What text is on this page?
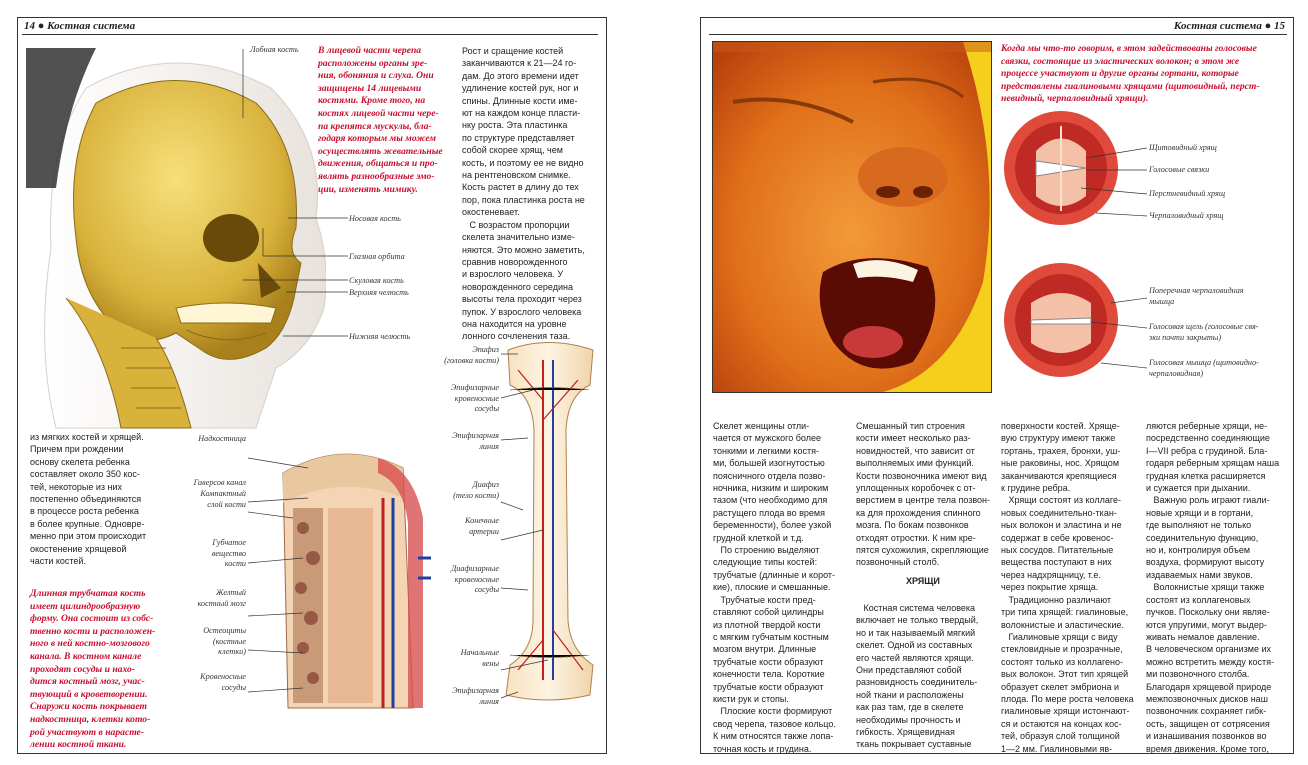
14 ● Костная система
Лобная кость
Носовая кость
Глазная орбита
Скуловая кость
Верхняя челюсть
Нижняя челюсть

В лицевой части черепа

расположены органы зре-

ния, обоняния и слуха. Они

защищены 14 лицевыми

костями. Кроме того, на

костях лицевой части чере-

па крепятся мускулы, бла-

годаря которым мы можем

осуществлять жевательные

движения, общаться и про-

являть разнообразные эмо-

ции, изменять мимику.

Рост и сращение костей

заканчиваются к 21—24 го-

дам. До этого времени идет

удлинение костей рук, ног и

спины. Длинные кости име-

ют на каждом конце пласти-

нку роста. Эта пластинка

по структуре представляет

собой скорее хрящ, чем

кость, и поэтому ее не видно

на рентгеновском снимке.

Кость растет в длину до тех

пор, пока пластинка роста не

окостеневает.

С возрастом пропорции

скелета значительно изме-

няются. Это можно заметить,

сравнив новорожденного

и взрослого человека. У

новорожденного середина

высоты тела проходит через

пупок. У взрослого человека

она находится на уровне

лонного сочленения таза.

из мягких костей и хрящей.

Причем при рождении

основу скелета ребенка

составляет около 350 кос-

тей, некоторые из них

постепенно объединяются

в процессе роста ребенка

в более крупные. Одновре-

менно при этом происходит

окостенение хрящевой

части костей.

Длинная трубчатая кость

имеет цилиндрообразную

форму. Она состоит из собс-

твенно кости и расположен-

ного в ней костно-мозгового

канала. В костном канале

проходят сосуды и нахо-

дится костный мозг, учас-

твующий в кроветворении.

Снаружи кость покрывает

надкостница, клетки кото-

рой участвуют в нарасте-

лении костной ткани.

Надкостница
Гаверсов канал
Компактный
слой кости
Губчатое
вещество
кости
Желтый
костный мозг
Остеоциты
(костные
клетки)
Кровеносные
сосуды
Эпифиз
(головка кости)
Эпифизарные
кровеносные
сосуды
Эпифизарная
линия
Диафиз
(тело кости)
Конечные
артерии
Диафизарные
кровеносные
сосуды
Начальные
вены
Эпифизарная
линия
Костная система ● 15

Когда мы что-то говорим, в этом задействованы голосовые

связки, состоящие из эластических волокон; в этом же

процессе участвуют и другие органы гортани, которые

представлены гиалиновыми хрящами (щитовидный, перст-

невидный, черпаловидный хрящи).

Щитовидный хрящ
Голосовые связки
Перстневидный хрящ
Черпаловидный хрящ
Поперечная черпаловидная
мышца
Голосовая щель (голосовые свя-
зки почти закрыты)
Голосовая мышца (щитовидно-
черпаловидная)

Скелет женщины отли-

чается от мужского более

тонкими и легкими костя-

ми, большей изогнутостью

поясничного отдела позво-

ночника, низким и широким

тазом (что необходимо для

растущего плода во время

беременности), более узкой

грудной клеткой и т.д.

По строению выделяют

следующие типы костей:

трубчатые (длинные и корот-

кие), плоские и смешанные.

Трубчатые кости пред-

ставляют собой цилиндры

из плотной твердой кости

с мягким губчатым костным

мозгом внутри. Длинные

трубчатые кости образуют

конечности тела. Короткие

трубчатые кости образуют

кисти рук и стопы.

Плоские кости формируют

свод черепа, тазовое кольцо.

К ним относятся также лопа-

точная кость и грудина.

Смешанный тип строения

кости имеет несколько раз-

новидностей, что зависит от

выполняемых ими функций.

Кости позвоночника имеют вид

уплощенных коробочек с от-

верстием в центре тела позвон-

ка для прохождения спинного

мозга. По бокам позвонков

отходят отростки. К ним кре-

пятся сухожилия, скрепляющие

позвоночный столб.

ХРЯЩИ

Костная система человека

включает не только твердый,

но и так называемый мягкий

скелет. Одной из составных

его частей являются хрящи.

Они представляют собой

разновидность соединитель-

ной ткани и расположены

как раз там, где в скелете

необходимы прочность и

гибкость. Хрящевидная

ткань покрывает суставные

поверхности костей. Хряще-

вую структуру имеют также

гортань, трахея, бронхи, уш-

ные раковины, нос. Хрящом

заканчиваются крепящиеся

к грудине ребра.

Хрящи состоят из коллаге-

новых соединительно-ткан-

ных волокон и эластина и не

содержат в себе кровенос-

ных сосудов. Питательные

вещества поступают в них

через надхрящницу, т.е.

через покрытие хряща.

Традиционно различают

три типа хрящей: гиалиновые,

волокнистые и эластические.

Гиалиновые хрящи с виду

стекловидные и прозрачные,

состоят только из коллагено-

вых волокон. Этот тип хрящей

образует скелет эмбриона и

плода. По мере роста человека

гиалиновые хрящи истончают-

ся и остаются на концах кос-

тей, образуя слой толщиной

1—2 мм. Гиалиновыми яв-

ляются реберные хрящи, не-

посредственно соединяющие

I—VII ребра с грудиной. Бла-

годаря реберным хрящам наша

грудная клетка расширяется

и сужается при дыхании.

Важную роль играют гиали-

новые хрящи и в гортани,

где выполняют не только

соединительную функцию,

но и, контролируя объем

воздуха, формируют высоту

издаваемых нами звуков.

Волокнистые хрящи также

состоят из коллагеновых

пучков. Поскольку они являе-

ются упругими, могут выдер-

живать немалое давление.

В человеческом организме их

можно встретить между костя-

ми позвоночного столба.

Благодаря хрящевой природе

межпозвоночных дисков наш

позвоночник сохраняет гибк-

ость, защищен от сотрясения

и изнашивания позвонков во

время движения. Кроме того,
